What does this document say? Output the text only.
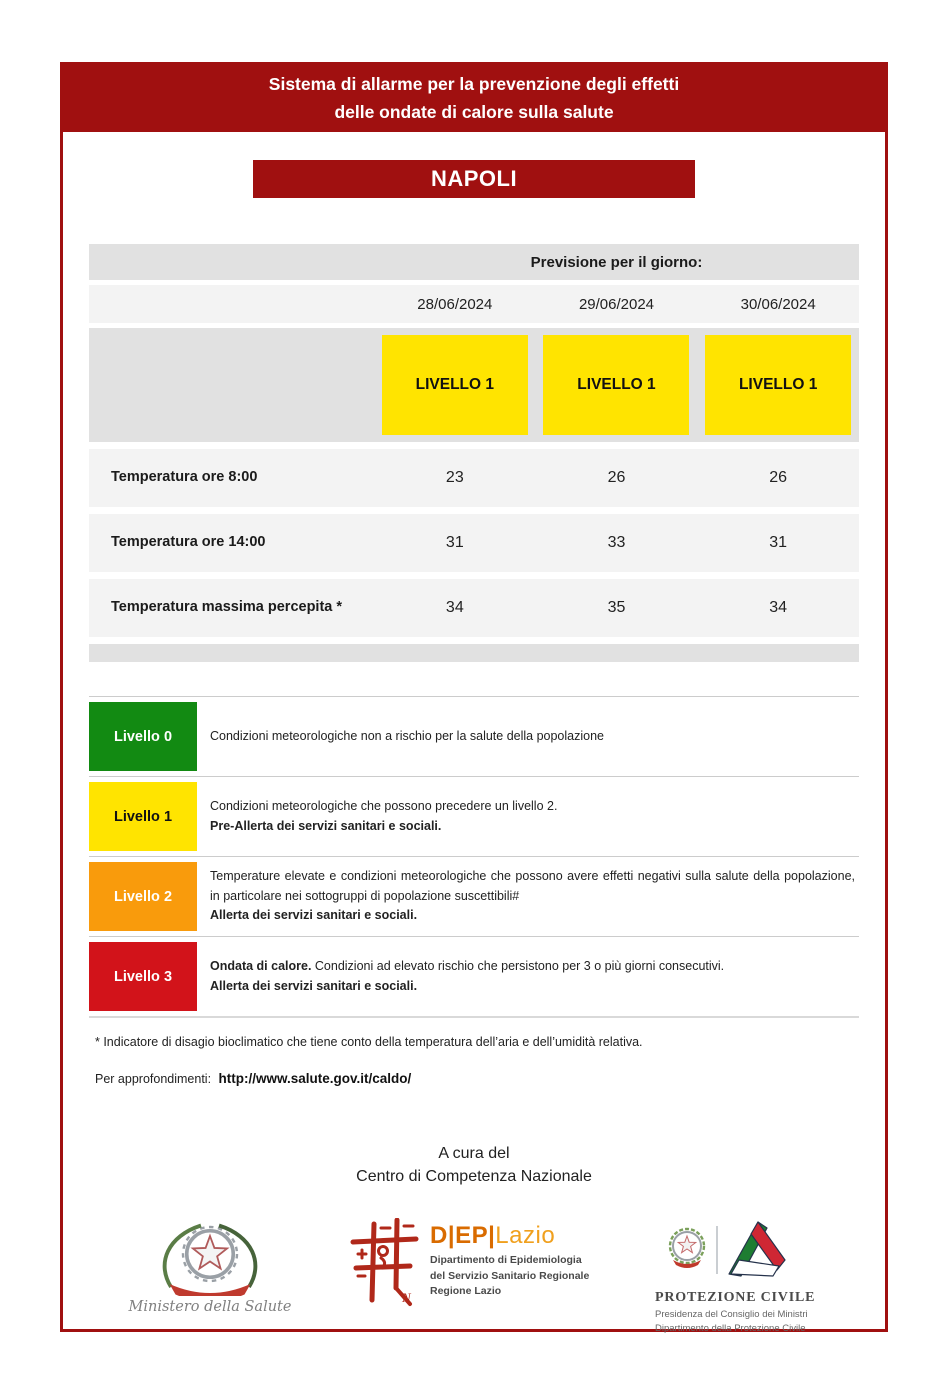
Sistema di allarme per la prevenzione degli effetti
delle ondate di calore sulla salute
NAPOLI
Previsione per il giorno:
28/06/2024	29/06/2024	30/06/2024
LIVELLO 1	LIVELLO 1	LIVELLO 1
Temperatura ore 8:00	23	26	26
Temperatura ore 14:00	31	33	31
Temperatura massima percepita *	34	35	34
Livello 0	Condizioni meteorologiche non a rischio per la salute della popolazione
Livello 1
Condizioni meteorologiche che possono precedere un livello 2.
Pre-Allerta dei servizi sanitari e sociali.
Livello 2
Temperature elevate e condizioni meteorologiche che possono avere effetti negativi sulla salute della popolazione, in particolare nei sottogruppi di popolazione suscettibili#
Allerta dei servizi sanitari e sociali.
Livello 3
Ondata di calore. Condizioni ad elevato rischio che persistono per 3 o più giorni consecutivi.
Allerta dei servizi sanitari e sociali.
* Indicatore di disagio bioclimatico che tiene conto della temperatura dell’aria e dell’umidità relativa.
Per approfondimenti: http://www.salute.gov.it/caldo/
A cura del
Centro di Competenza Nazionale
Ministero della Salute
N
D|EP|Lazio
Dipartimento di Epidemiologia
del Servizio Sanitario Regionale
Regione Lazio	PROTEZIONE CIVILE
Presidenza del Consiglio dei Ministri
Dipartimento della Protezione Civile
